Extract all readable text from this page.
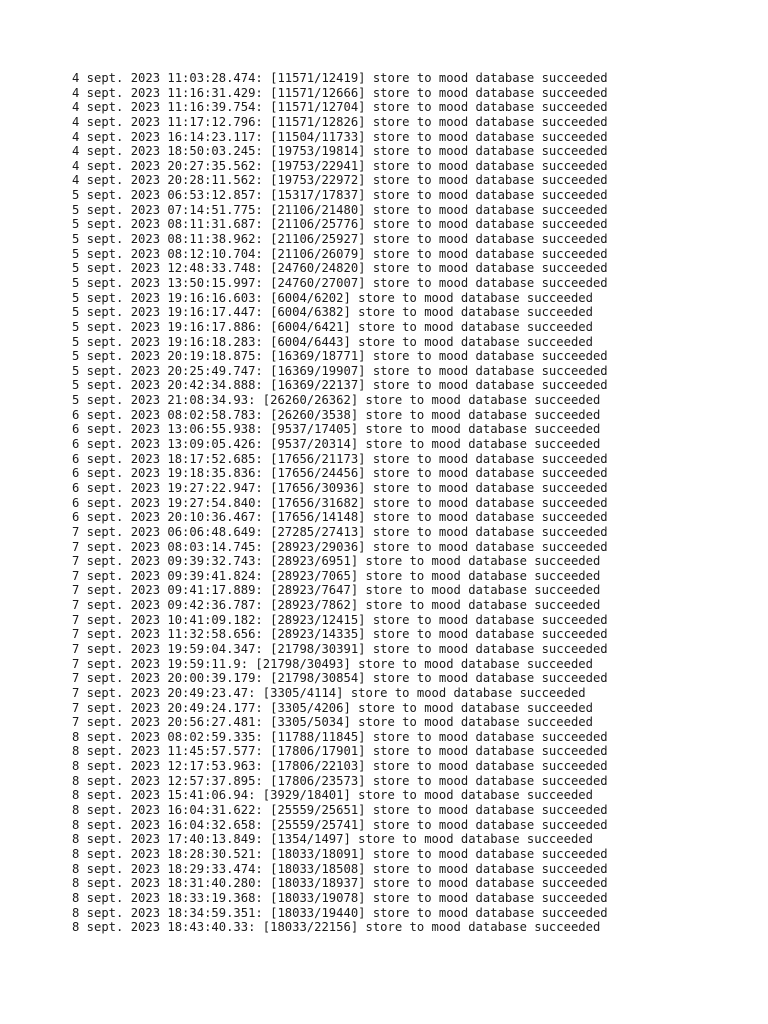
4 sept. 2023 11:03:28.474: [11571/12419] store to mood database succeeded
4 sept. 2023 11:16:31.429: [11571/12666] store to mood database succeeded
4 sept. 2023 11:16:39.754: [11571/12704] store to mood database succeeded
4 sept. 2023 11:17:12.796: [11571/12826] store to mood database succeeded
4 sept. 2023 16:14:23.117: [11504/11733] store to mood database succeeded
4 sept. 2023 18:50:03.245: [19753/19814] store to mood database succeeded
4 sept. 2023 20:27:35.562: [19753/22941] store to mood database succeeded
4 sept. 2023 20:28:11.562: [19753/22972] store to mood database succeeded
5 sept. 2023 06:53:12.857: [15317/17837] store to mood database succeeded
5 sept. 2023 07:14:51.775: [21106/21480] store to mood database succeeded
5 sept. 2023 08:11:31.687: [21106/25776] store to mood database succeeded
5 sept. 2023 08:11:38.962: [21106/25927] store to mood database succeeded
5 sept. 2023 08:12:10.704: [21106/26079] store to mood database succeeded
5 sept. 2023 12:48:33.748: [24760/24820] store to mood database succeeded
5 sept. 2023 13:50:15.997: [24760/27007] store to mood database succeeded
5 sept. 2023 19:16:16.603: [6004/6202] store to mood database succeeded
5 sept. 2023 19:16:17.447: [6004/6382] store to mood database succeeded
5 sept. 2023 19:16:17.886: [6004/6421] store to mood database succeeded
5 sept. 2023 19:16:18.283: [6004/6443] store to mood database succeeded
5 sept. 2023 20:19:18.875: [16369/18771] store to mood database succeeded
5 sept. 2023 20:25:49.747: [16369/19907] store to mood database succeeded
5 sept. 2023 20:42:34.888: [16369/22137] store to mood database succeeded
5 sept. 2023 21:08:34.93: [26260/26362] store to mood database succeeded
6 sept. 2023 08:02:58.783: [26260/3538] store to mood database succeeded
6 sept. 2023 13:06:55.938: [9537/17405] store to mood database succeeded
6 sept. 2023 13:09:05.426: [9537/20314] store to mood database succeeded
6 sept. 2023 18:17:52.685: [17656/21173] store to mood database succeeded
6 sept. 2023 19:18:35.836: [17656/24456] store to mood database succeeded
6 sept. 2023 19:27:22.947: [17656/30936] store to mood database succeeded
6 sept. 2023 19:27:54.840: [17656/31682] store to mood database succeeded
6 sept. 2023 20:10:36.467: [17656/14148] store to mood database succeeded
7 sept. 2023 06:06:48.649: [27285/27413] store to mood database succeeded
7 sept. 2023 08:03:14.745: [28923/29036] store to mood database succeeded
7 sept. 2023 09:39:32.743: [28923/6951] store to mood database succeeded
7 sept. 2023 09:39:41.824: [28923/7065] store to mood database succeeded
7 sept. 2023 09:41:17.889: [28923/7647] store to mood database succeeded
7 sept. 2023 09:42:36.787: [28923/7862] store to mood database succeeded
7 sept. 2023 10:41:09.182: [28923/12415] store to mood database succeeded
7 sept. 2023 11:32:58.656: [28923/14335] store to mood database succeeded
7 sept. 2023 19:59:04.347: [21798/30391] store to mood database succeeded
7 sept. 2023 19:59:11.9: [21798/30493] store to mood database succeeded
7 sept. 2023 20:00:39.179: [21798/30854] store to mood database succeeded
7 sept. 2023 20:49:23.47: [3305/4114] store to mood database succeeded
7 sept. 2023 20:49:24.177: [3305/4206] store to mood database succeeded
7 sept. 2023 20:56:27.481: [3305/5034] store to mood database succeeded
8 sept. 2023 08:02:59.335: [11788/11845] store to mood database succeeded
8 sept. 2023 11:45:57.577: [17806/17901] store to mood database succeeded
8 sept. 2023 12:17:53.963: [17806/22103] store to mood database succeeded
8 sept. 2023 12:57:37.895: [17806/23573] store to mood database succeeded
8 sept. 2023 15:41:06.94: [3929/18401] store to mood database succeeded
8 sept. 2023 16:04:31.622: [25559/25651] store to mood database succeeded
8 sept. 2023 16:04:32.658: [25559/25741] store to mood database succeeded
8 sept. 2023 17:40:13.849: [1354/1497] store to mood database succeeded
8 sept. 2023 18:28:30.521: [18033/18091] store to mood database succeeded
8 sept. 2023 18:29:33.474: [18033/18508] store to mood database succeeded
8 sept. 2023 18:31:40.280: [18033/18937] store to mood database succeeded
8 sept. 2023 18:33:19.368: [18033/19078] store to mood database succeeded
8 sept. 2023 18:34:59.351: [18033/19440] store to mood database succeeded
8 sept. 2023 18:43:40.33: [18033/22156] store to mood database succeeded
